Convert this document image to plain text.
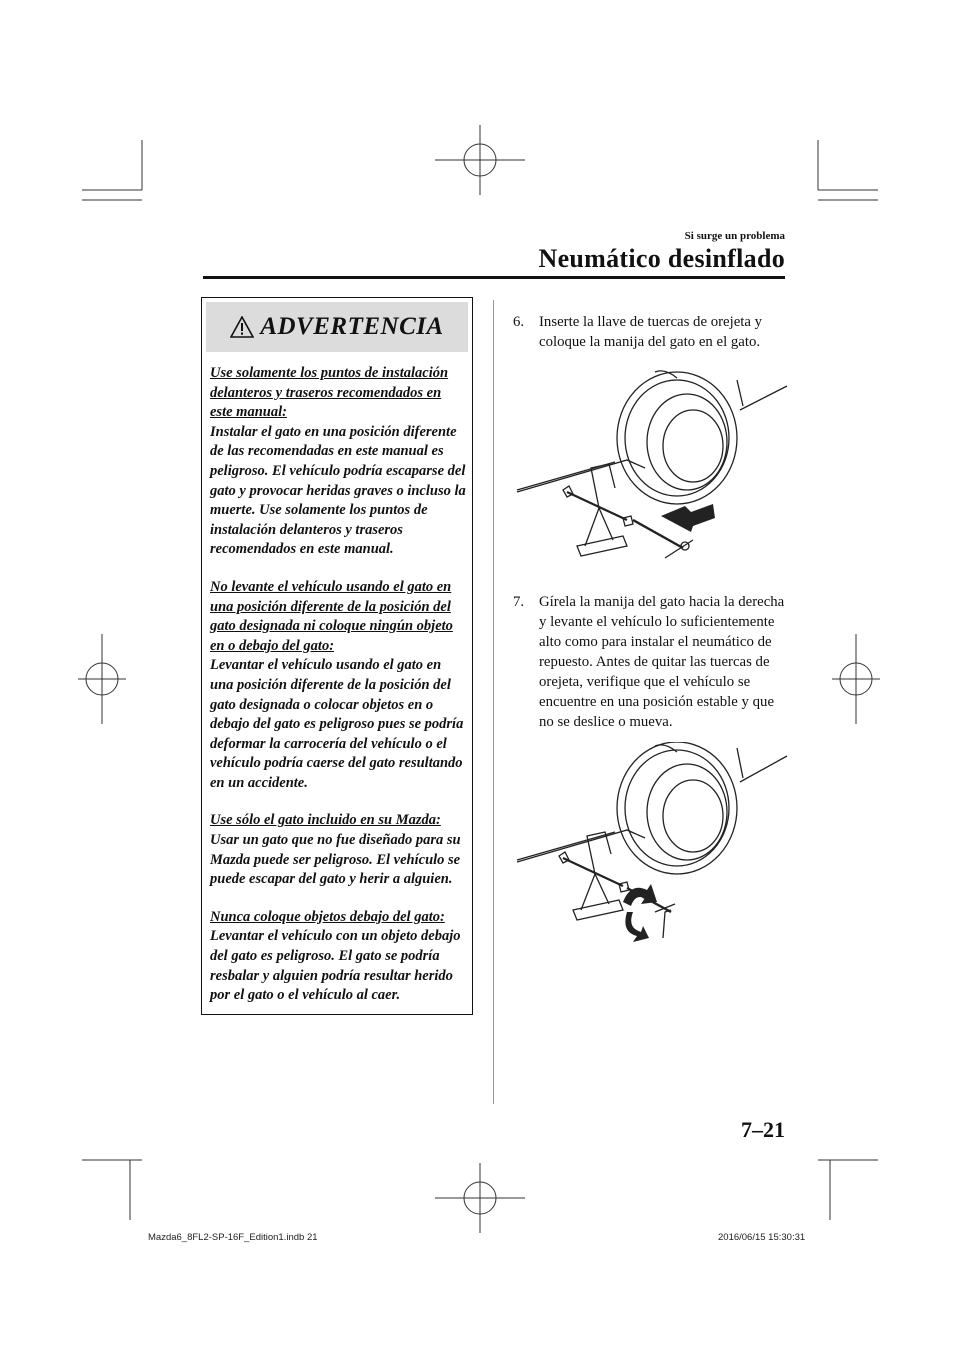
Si surge un problema
Neumático desinflado
ADVERTENCIA

Use solamente los puntos de instalación delanteros y traseros recomendados en este manual:
Instalar el gato en una posición diferente de las recomendadas en este manual es peligroso. El vehículo podría escaparse del gato y provocar heridas graves o incluso la muerte. Use solamente los puntos de instalación delanteros y traseros recomendados en este manual.

No levante el vehículo usando el gato en una posición diferente de la posición del gato designada ni coloque ningún objeto en o debajo del gato:
Levantar el vehículo usando el gato en una posición diferente de la posición del gato designada o colocar objetos en o debajo del gato es peligroso pues se podría deformar la carrocería del vehículo o el vehículo podría caerse del gato resultando en un accidente.

Use sólo el gato incluido en su Mazda:
Usar un gato que no fue diseñado para su Mazda puede ser peligroso. El vehículo se puede escapar del gato y herir a alguien.

Nunca coloque objetos debajo del gato:
Levantar el vehículo con un objeto debajo del gato es peligroso. El gato se podría resbalar y alguien podría resultar herido por el gato o el vehículo al caer.

6. Inserte la llave de tuercas de orejeta y coloque la manija del gato en el gato.
7. Gírela la manija del gato hacia la derecha y levante el vehículo lo suficientemente alto como para instalar el neumático de repuesto. Antes de quitar las tuercas de orejeta, verifique que el vehículo se encuentre en una posición estable y que no se deslice o mueva.
7–21
Mazda6_8FL2-SP-16F_Edition1.indb 21	2016/06/15 15:30:31
